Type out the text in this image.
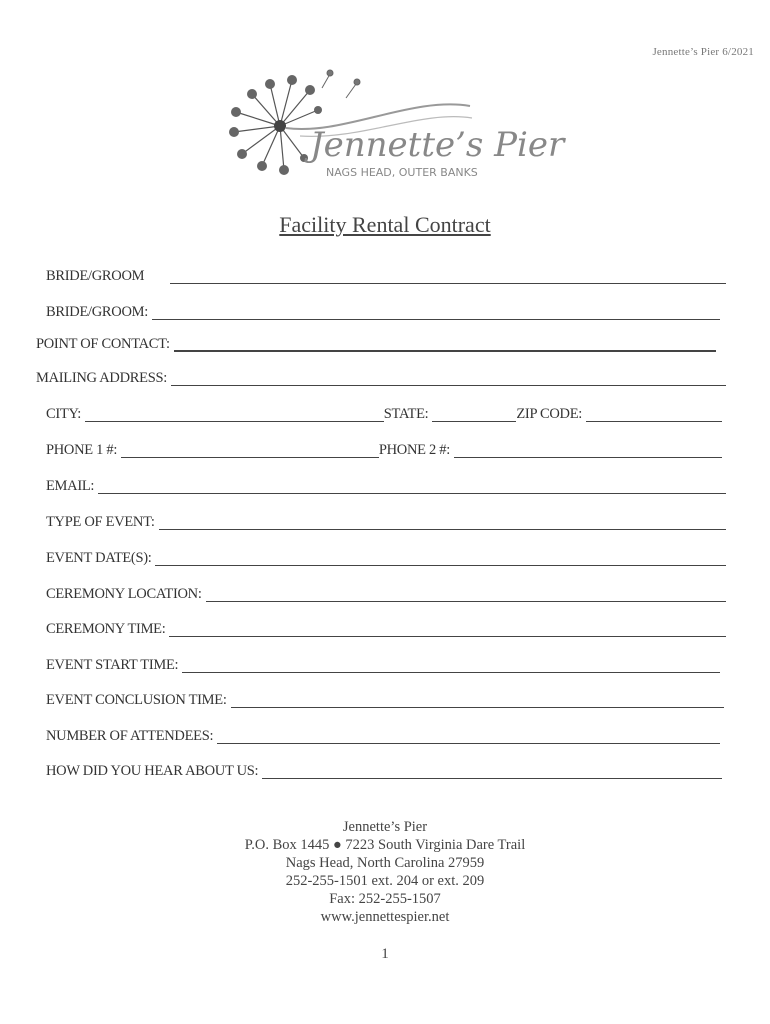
Jennette’s Pier 6/2021
Jennette’s Pier
NAGS HEAD, OUTER BANKS
Facility Rental Contract
BRIDE/GROOM
BRIDE/GROOM:
POINT OF CONTACT:
MAILING ADDRESS:
CITY:	STATE:	ZIP CODE:
PHONE 1 #:	PHONE 2 #:
EMAIL:
TYPE OF EVENT:
EVENT DATE(S):
CEREMONY LOCATION:
CEREMONY TIME:
EVENT START TIME:
EVENT CONCLUSION TIME:
NUMBER OF ATTENDEES:
HOW DID YOU HEAR ABOUT US:
Jennette’s Pier
P.O. Box 1445 ● 7223 South Virginia Dare Trail
Nags Head, North Carolina 27959
252-255-1501 ext. 204 or ext. 209
Fax: 252-255-1507
www.jennettespier.net
1
